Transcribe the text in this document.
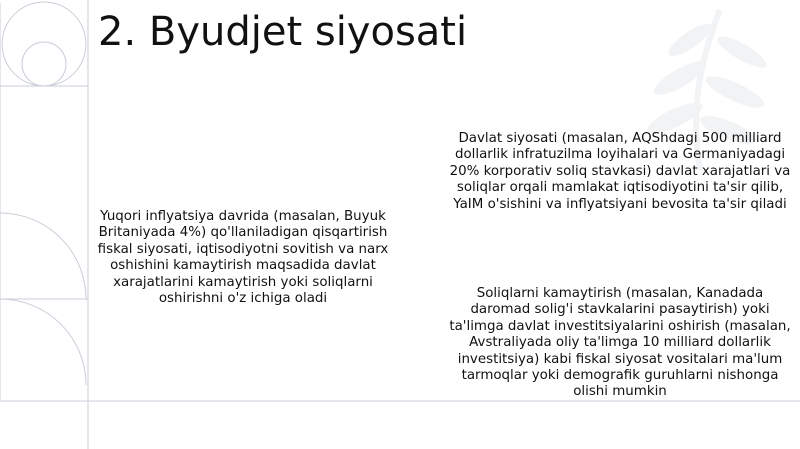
2. Byudjet siyosati

Yuqori inflyatsiya davrida (masalan, Buyuk Britaniyada 4%) qo'llaniladigan qisqartirish fiskal siyosati, iqtisodiyotni sovitish va narx oshishini kamaytirish maqsadida davlat xarajatlarini kamaytirish yoki soliqlarni oshirishni o'z ichiga oladi

Davlat siyosati (masalan, AQShdagi 500 milliard dollarlik infratuzilma loyihalari va Germaniyadagi 20% korporativ soliq stavkasi) davlat xarajatlari va soliqlar orqali mamlakat iqtisodiyotini ta'sir qilib, YaIM o'sishini va inflyatsiyani bevosita ta'sir qiladi

Soliqlarni kamaytirish (masalan, Kanadada daromad solig'i stavkalarini pasaytirish) yoki ta'limga davlat investitsiyalarini oshirish (masalan, Avstraliyada oliy ta'limga 10 milliard dollarlik investitsiya) kabi fiskal siyosat vositalari ma'lum tarmoqlar yoki demografik guruhlarni nishonga olishi mumkin
